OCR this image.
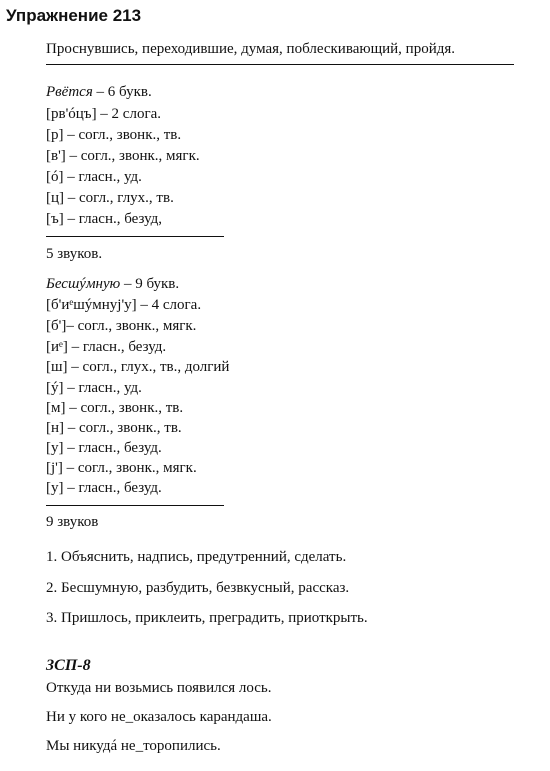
Упражнение 213
Проснувшись, переходившие, думая, поблескивающий, пройдя.
Рвётся – 6 букв.
[рв'óцъ] – 2 слога.
[р] – согл., звонк., тв.
[в'] – согл., звонк., мягк.
[ó] – гласн., уд.
[ц] – согл., глух., тв.
[ъ] – гласн., безуд,
5 звуков.
Бесшýмную – 9 букв.
[б'иᵉшýмнуj'у] – 4 слога.
[б']– согл., звонк., мягк.
[иᵉ] – гласн., безуд.
[ш] – согл., глух., тв., долгий
[ý] – гласн., уд.
[м] – согл., звонк., тв.
[н] – согл., звонк., тв.
[у] – гласн., безуд.
[j'] – согл., звонк., мягк.
[у] – гласн., безуд.
9 звуков
1. Объяснить, надпись, предутренний, сделать.
2. Бесшумную, разбудить, безвкусный, рассказ.
3. Пришлось, приклеить, преградить, приоткрыть.
ЗСП-8
Откуда ни возьмись появился лось.
Ни у кого не_оказалось карандаша.
Мы никудá не_торопились.
